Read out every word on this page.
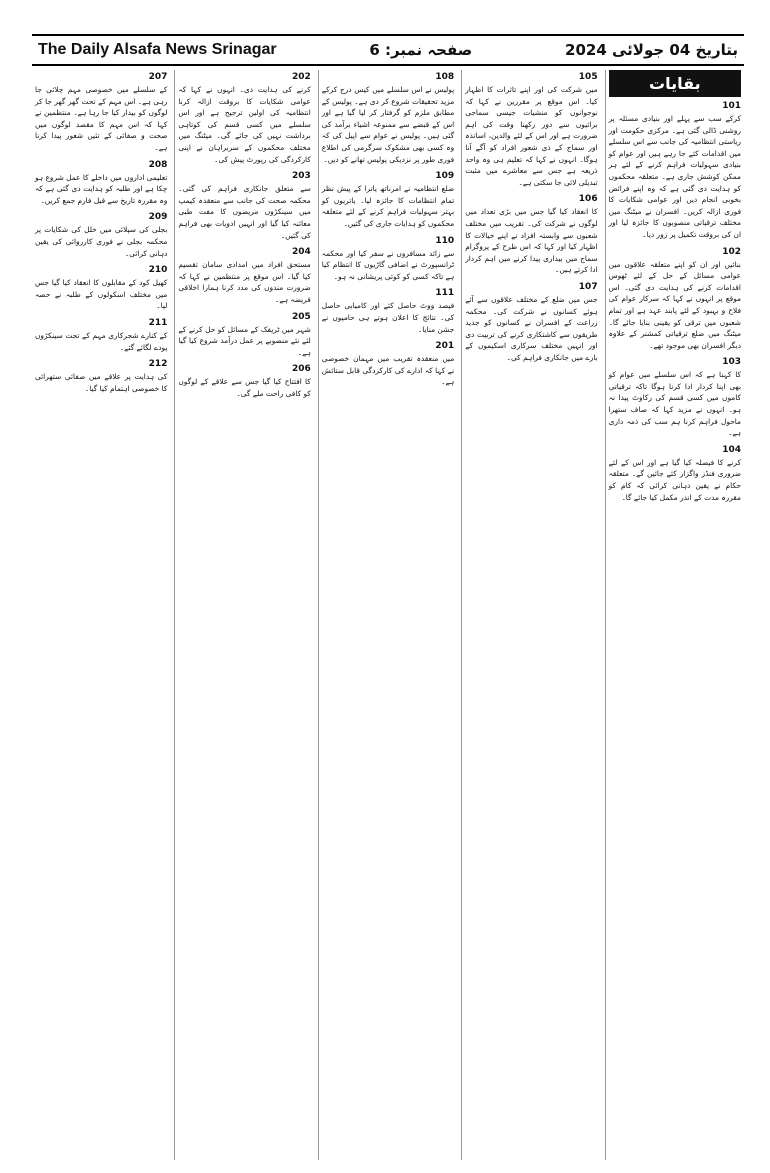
The Daily Alsafa News Srinagar	صفحہ نمبر: 6	بتاریخ 04 جولائی 2024
بقایات
101
کرکے سب سے پہلے اور بنیادی مسئلہ پر روشنی ڈالی گئی ہے۔ مرکزی حکومت اور ریاستی انتظامیہ کی جانب سے اس سلسلے میں اقدامات کئے جا رہے ہیں اور عوام کو بنیادی سہولیات فراہم کرنے کے لئے ہر ممکن کوشش جاری ہے۔ متعلقہ محکموں کو ہدایت دی گئی ہے کہ وہ اپنے فرائض بخوبی انجام دیں اور عوامی شکایات کا فوری ازالہ کریں۔ افسران نے میٹنگ میں مختلف ترقیاتی منصوبوں کا جائزہ لیا اور ان کی بروقت تکمیل پر زور دیا۔
102
بنائیں اور ان کو اپنے متعلقہ علاقوں میں عوامی مسائل کے حل کے لئے ٹھوس اقدامات کرنے کی ہدایت دی گئی۔ اس موقع پر انہوں نے کہا کہ سرکار عوام کی فلاح و بہبود کے لئے پابند عہد ہے اور تمام شعبوں میں ترقی کو یقینی بنایا جائے گا۔ میٹنگ میں ضلع ترقیاتی کمشنر کے علاوہ دیگر افسران بھی موجود تھے۔
103
کا کہنا ہے کہ اس سلسلے میں عوام کو بھی اپنا کردار ادا کرنا ہوگا تاکہ ترقیاتی کاموں میں کسی قسم کی رکاوٹ پیدا نہ ہو۔ انہوں نے مزید کہا کہ صاف ستھرا ماحول فراہم کرنا ہم سب کی ذمہ داری ہے۔
104
کرنے کا فیصلہ کیا گیا ہے اور اس کے لئے ضروری فنڈز واگزار کئے جائیں گے۔ متعلقہ حکام نے یقین دہانی کرائی کہ کام کو مقررہ مدت کے اندر مکمل کیا جائے گا۔
105
میں شرکت کی اور اپنے تاثرات کا اظہار کیا۔ اس موقع پر مقررین نے کہا کہ نوجوانوں کو منشیات جیسی سماجی برائیوں سے دور رکھنا وقت کی اہم ضرورت ہے اور اس کے لئے والدین، اساتذہ اور سماج کے ذی شعور افراد کو آگے آنا ہوگا۔ انہوں نے کہا کہ تعلیم ہی وہ واحد ذریعہ ہے جس سے معاشرے میں مثبت تبدیلی لائی جا سکتی ہے۔
106
کا انعقاد کیا گیا جس میں بڑی تعداد میں لوگوں نے شرکت کی۔ تقریب میں مختلف شعبوں سے وابستہ افراد نے اپنے خیالات کا اظہار کیا اور کہا کہ اس طرح کے پروگرام سماج میں بیداری پیدا کرنے میں اہم کردار ادا کرتے ہیں۔
107
جس میں ضلع کے مختلف علاقوں سے آئے ہوئے کسانوں نے شرکت کی۔ محکمہ زراعت کے افسران نے کسانوں کو جدید طریقوں سے کاشتکاری کرنے کی تربیت دی اور انہیں مختلف سرکاری اسکیموں کے بارے میں جانکاری فراہم کی۔
108
پولیس نے اس سلسلے میں کیس درج کرکے مزید تحقیقات شروع کر دی ہے۔ پولیس کے مطابق ملزم کو گرفتار کر لیا گیا ہے اور اس کے قبضے سے ممنوعہ اشیاء برآمد کی گئی ہیں۔ پولیس نے عوام سے اپیل کی کہ وہ کسی بھی مشکوک سرگرمی کی اطلاع فوری طور پر نزدیکی پولیس تھانے کو دیں۔
109
ضلع انتظامیہ نے امرناتھ یاترا کے پیش نظر تمام انتظامات کا جائزہ لیا۔ یاتریوں کو بہتر سہولیات فراہم کرنے کے لئے متعلقہ محکموں کو ہدایات جاری کی گئیں۔
110
سے زائد مسافروں نے سفر کیا اور محکمہ ٹرانسپورٹ نے اضافی گاڑیوں کا انتظام کیا ہے تاکہ کسی کو کوئی پریشانی نہ ہو۔
111
فیصد ووٹ حاصل کئے اور کامیابی حاصل کی۔ نتائج کا اعلان ہوتے ہی حامیوں نے جشن منایا۔
201
میں منعقدہ تقریب میں مہمان خصوصی نے کہا کہ ادارے کی کارکردگی قابل ستائش ہے۔
202
کرنے کی ہدایت دی۔ انہوں نے کہا کہ عوامی شکایات کا بروقت ازالہ کرنا انتظامیہ کی اولین ترجیح ہے اور اس سلسلے میں کسی قسم کی کوتاہی برداشت نہیں کی جائے گی۔ میٹنگ میں مختلف محکموں کے سربراہان نے اپنی کارکردگی کی رپورٹ پیش کی۔
203
سے متعلق جانکاری فراہم کی گئی۔ محکمہ صحت کی جانب سے منعقدہ کیمپ میں سینکڑوں مریضوں کا مفت طبی معائنہ کیا گیا اور انہیں ادویات بھی فراہم کی گئیں۔
204
مستحق افراد میں امدادی سامان تقسیم کیا گیا۔ اس موقع پر منتظمین نے کہا کہ ضرورت مندوں کی مدد کرنا ہمارا اخلاقی فریضہ ہے۔
205
شہر میں ٹریفک کے مسائل کو حل کرنے کے لئے نئے منصوبے پر عمل درآمد شروع کیا گیا ہے۔
206
کا افتتاح کیا گیا جس سے علاقے کے لوگوں کو کافی راحت ملے گی۔
207
کے سلسلے میں خصوصی مہم چلائی جا رہی ہے۔ اس مہم کے تحت گھر گھر جا کر لوگوں کو بیدار کیا جا رہا ہے۔ منتظمین نے کہا کہ اس مہم کا مقصد لوگوں میں صحت و صفائی کے تئیں شعور پیدا کرنا ہے۔
208
تعلیمی اداروں میں داخلے کا عمل شروع ہو چکا ہے اور طلبہ کو ہدایت دی گئی ہے کہ وہ مقررہ تاریخ سے قبل فارم جمع کریں۔
209
بجلی کی سپلائی میں خلل کی شکایات پر محکمہ بجلی نے فوری کارروائی کی یقین دہانی کرائی۔
210
کھیل کود کے مقابلوں کا انعقاد کیا گیا جس میں مختلف اسکولوں کے طلبہ نے حصہ لیا۔
211
کے کنارے شجرکاری مہم کے تحت سینکڑوں پودے لگائے گئے۔
212
کی ہدایت پر علاقے میں صفائی ستھرائی کا خصوصی اہتمام کیا گیا۔
